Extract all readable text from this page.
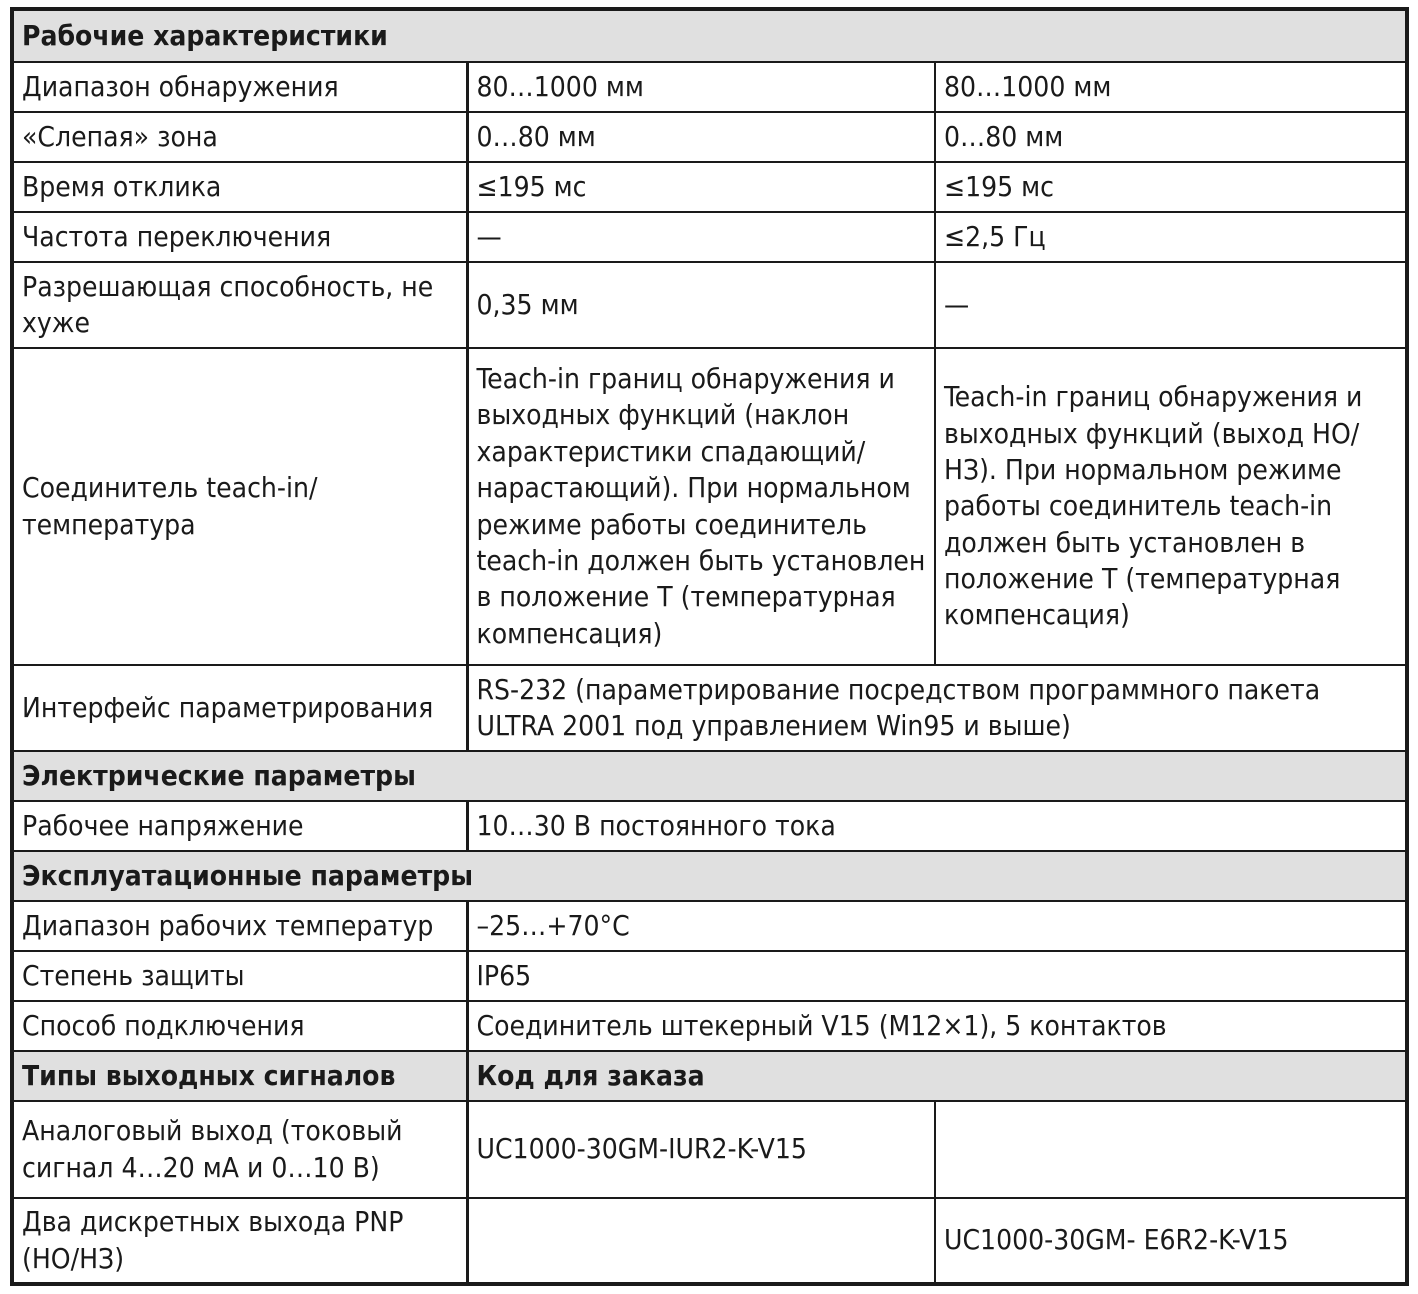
Рабочие характеристики		
Диапазон обнаружения	80…1000 мм	80…1000 мм
«Слепая» зона	0…80 мм	0…80 мм
Время отклика	≤195 мс	≤195 мс
Частота переключения	—	≤2,5 Гц
Разрешающая способность, не хуже	0,35 мм	—
Соединитель teach-in/ температура	Teach-in границ обнаружения и выходных функций (наклон характеристики спадающий/нарастающий). При нормальном режиме работы соединитель teach-in должен быть установлен в положение T (температурная компенсация)	Teach-in границ обнаружения и выходных функций (выход НО/НЗ). При нормальном режиме работы соединитель teach-in должен быть установлен в положение T (температурная компенсация)
Интерфейс параметрирования	RS-232 (параметрирование посредством программного пакета ULTRA 2001 под управлением Win95 и выше)	
Электрические параметры		
Рабочее напряжение	10…30 В постоянного тока	
Эксплуатационные параметры		
Диапазон рабочих температур	–25…+70°C	
Степень защиты	IP65	
Способ подключения	Соединитель штекерный V15 (M12×1), 5 контактов	
Типы выходных сигналов	Код для заказа	
Аналоговый выход (токовый сигнал 4…20 мА и 0…10 В)	UC1000-30GM-IUR2-K-V15	
Два дискретных выхода PNP (НО/НЗ)		UC1000-30GM- E6R2-K-V15
